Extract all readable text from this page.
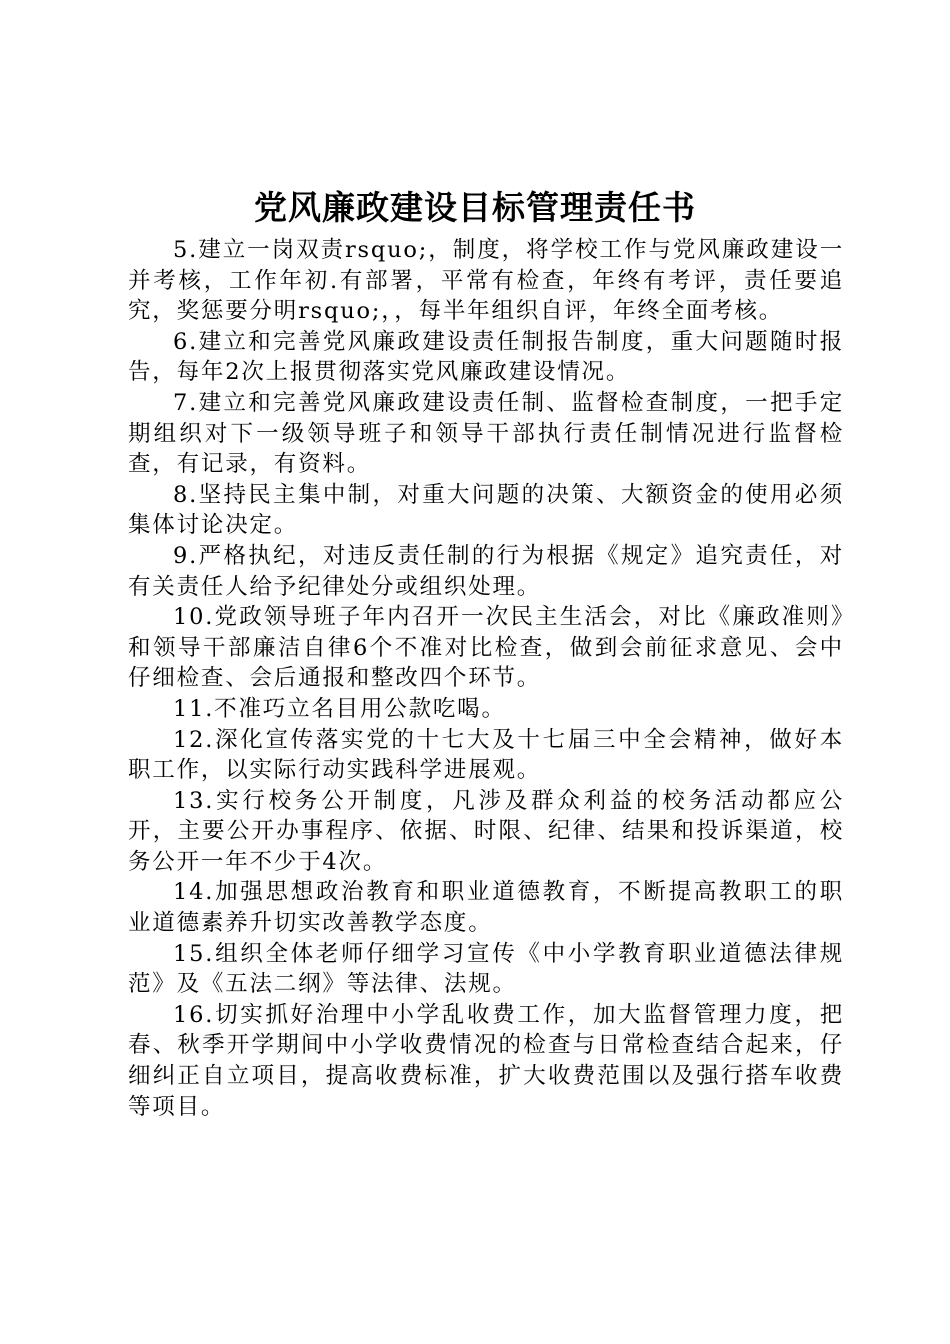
党风廉政建设目标管理责任书

5.建立一岗双责rsquo;，制度，将学校工作与党风廉政建设一并考核，工作年初.有部署，平常有检查，年终有考评，责任要追究，奖惩要分明rsquo;，，每半年组织自评，年终全面考核。

6.建立和完善党风廉政建设责任制报告制度，重大问题随时报告，每年2次上报贯彻落实党风廉政建设情况。

7.建立和完善党风廉政建设责任制、监督检查制度，一把手定期组织对下一级领导班子和领导干部执行责任制情况进行监督检查，有记录，有资料。

8.坚持民主集中制，对重大问题的决策、大额资金的使用必须集体讨论决定。

9.严格执纪，对违反责任制的行为根据《规定》追究责任，对有关责任人给予纪律处分或组织处理。

10.党政领导班子年内召开一次民主生活会，对比《廉政准则》和领导干部廉洁自律6个不准对比检查，做到会前征求意见、会中仔细检查、会后通报和整改四个环节。

11.不准巧立名目用公款吃喝。

12.深化宣传落实党的十七大及十七届三中全会精神，做好本职工作，以实际行动实践科学进展观。

13.实行校务公开制度，凡涉及群众利益的校务活动都应公开，主要公开办事程序、依据、时限、纪律、结果和投诉渠道，校务公开一年不少于4次。

14.加强思想政治教育和职业道德教育，不断提高教职工的职业道德素养升切实改善教学态度。

15.组织全体老师仔细学习宣传《中小学教育职业道德法律规范》及《五法二纲》等法律、法规。

16.切实抓好治理中小学乱收费工作，加大监督管理力度，把春、秋季开学期间中小学收费情况的检查与日常检查结合起来，仔细纠正自立项目，提高收费标准，扩大收费范围以及强行搭车收费等项目。
